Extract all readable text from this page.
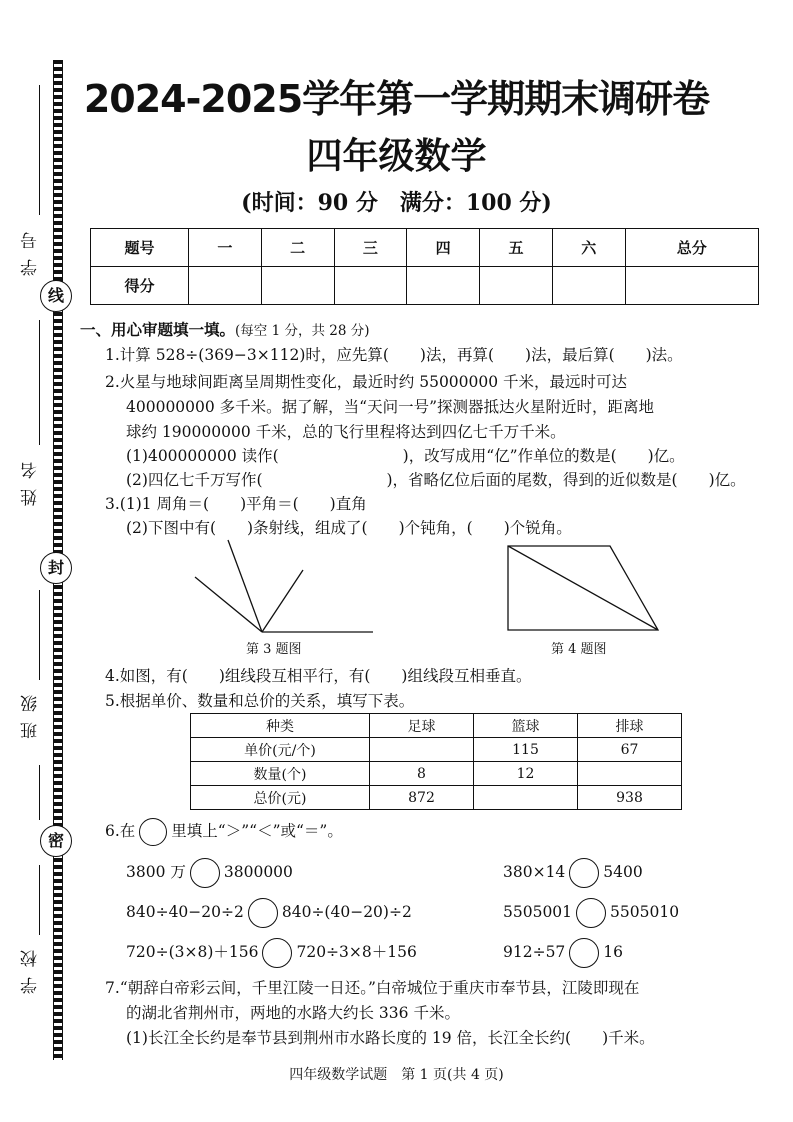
学号
线
姓名
封
班级
密
学校
2024-2025学年第一学期期末调研卷
四年级数学
(时间：90 分　满分：100 分)
题号	一	二	三	四	五	六	总分
得分							
一、用心审题填一填。(每空 1 分，共 28 分)
1.计算 528÷(369−3×112)时，应先算(　　)法，再算(　　)法，最后算(　　)法。
2.火星与地球间距离呈周期性变化，最近时约 55000000 千米，最远时可达
400000000 多千米。据了解，当“天问一号”探测器抵达火星附近时，距离地
球约 190000000 千米，总的飞行里程将达到四亿七千万千米。
(1)400000000 读作(　　　　　　　　)，改写成用“亿”作单位的数是(　　)亿。
(2)四亿七千万写作(　　　　　　　　)，省略亿位后面的尾数，得到的近似数是(　　)亿。
3.(1)1 周角＝(　　)平角＝(　　)直角
(2)下图中有(　　)条射线，组成了(　　)个钝角，(　　)个锐角。
第 3 题图	第 4 题图
4.如图，有(　　)组线段互相平行，有(　　)组线段互相垂直。
5.根据单价、数量和总价的关系，填写下表。
种类	足球	篮球	排球
单价(元/个)		115	67
数量(个)	8	12	
总价(元)	872		938
6.在 里填上“＞”“＜”或“＝”。
3800 万 3800000	380×14 5400
840÷40−20÷2 840÷(40−20)÷2	5505001 5505010
720÷(3×8)＋156 720÷3×8＋156	912÷57 16
7.“朝辞白帝彩云间，千里江陵一日还。”白帝城位于重庆市奉节县，江陵即现在
的湖北省荆州市，两地的水路大约长 336 千米。
(1)长江全长约是奉节县到荆州市水路长度的 19 倍，长江全长约(　　)千米。
四年级数学试题　第 1 页(共 4 页)
